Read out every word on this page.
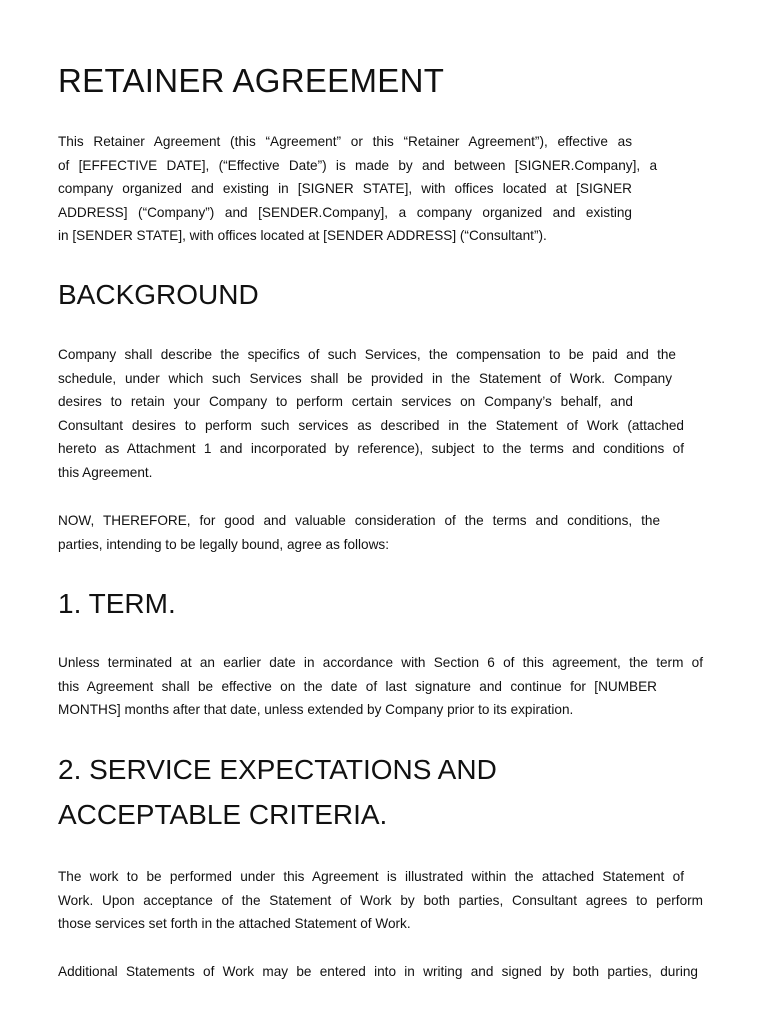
RETAINER AGREEMENT

This Retainer Agreement (this “Agreement” or this “Retainer Agreement”), effective as
of [EFFECTIVE DATE], (“Effective Date”) is made by and between [SIGNER.Company], a
company organized and existing in [SIGNER STATE], with offices located at [SIGNER
ADDRESS] (“Company”) and [SENDER.Company], a company organized and existing
in [SENDER STATE], with offices located at [SENDER ADDRESS] (“Consultant”).

BACKGROUND

Company shall describe the specifics of such Services, the compensation to be paid and the
schedule, under which such Services shall be provided in the Statement of Work. Company
desires to retain your Company to perform certain services on Company’s behalf, and
Consultant desires to perform such services as described in the Statement of Work (attached
hereto as Attachment 1 and incorporated by reference), subject to the terms and conditions of
this Agreement.

NOW, THEREFORE, for good and valuable consideration of the terms and conditions, the
parties, intending to be legally bound, agree as follows:

1. TERM.

Unless terminated at an earlier date in accordance with Section 6 of this agreement, the term of
this Agreement shall be effective on the date of last signature and continue for [NUMBER
MONTHS] months after that date, unless extended by Company prior to its expiration.

2. SERVICE EXPECTATIONS AND
ACCEPTABLE CRITERIA.

The work to be performed under this Agreement is illustrated within the attached Statement of
Work. Upon acceptance of the Statement of Work by both parties, Consultant agrees to perform
those services set forth in the attached Statement of Work.

Additional Statements of Work may be entered into in writing and signed by both parties, during
